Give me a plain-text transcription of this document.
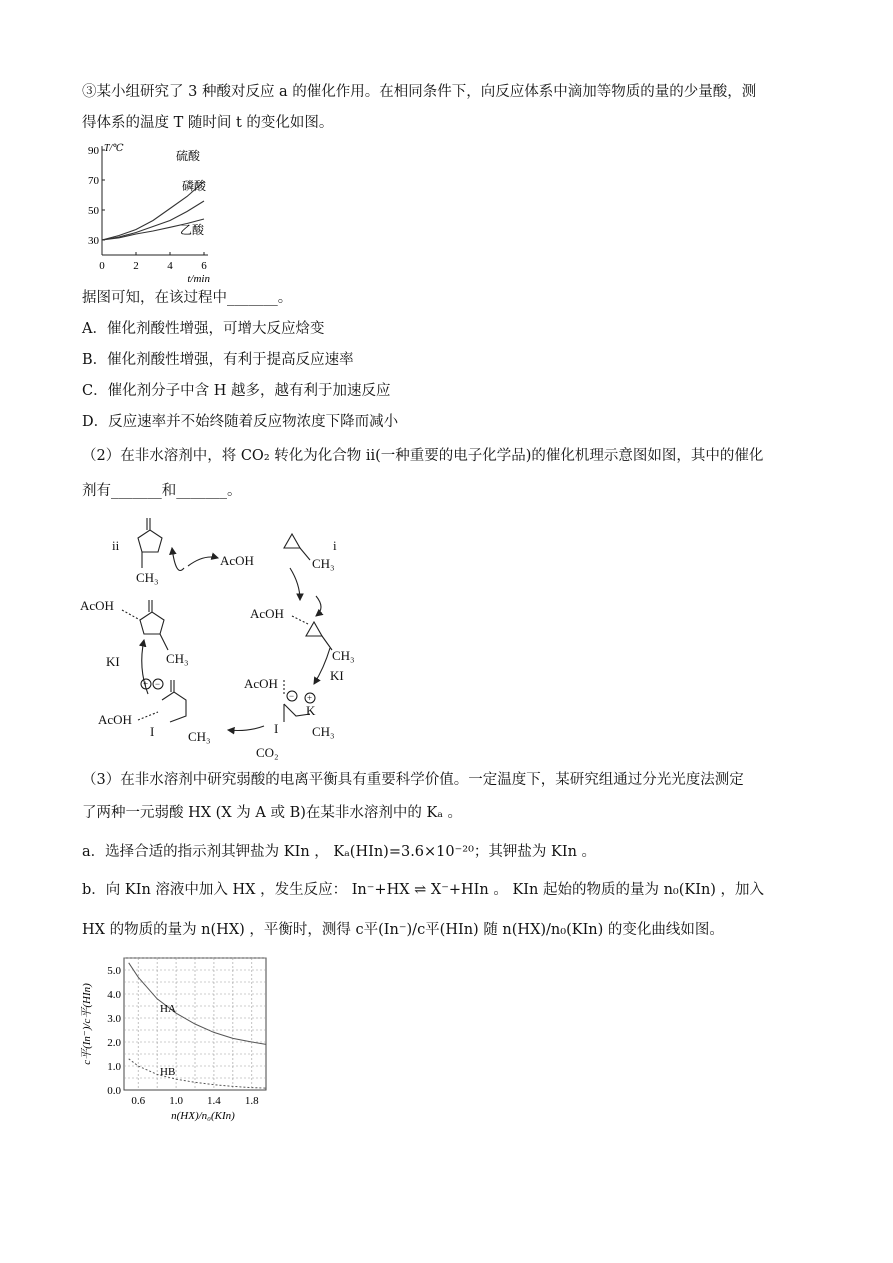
③某小组研究了 3 种酸对反应 a 的催化作用。在相同条件下，向反应体系中滴加等物质的量的少量酸，测
得体系的温度 T 随时间 t 的变化如图。
30
50
70
90
0	2	4	6
T/℃
t/min
硫酸
磷酸
乙酸
据图可知，在该过程中_______。
A．催化剂酸性增强，可增大反应焓变
B．催化剂酸性增强，有利于提高反应速率
C．催化剂分子中含 H 越多，越有利于加速反应
D．反应速率并不始终随着反应物浓度下降而减小
（2）在非水溶剂中，将 CO₂ 转化为化合物 ii(一种重要的电子化学品)的催化机理示意图如图，其中的催化
剂有_______和_______。
ii
CH₃
AcOH
i
CH₃
AcOH
CH₃
KI
AcOH
K
CH₃
I
CO₂
AcOH
I	CH₃
AcOH
KI	CH₃
+ −
− +
（3）在非水溶剂中研究弱酸的电离平衡具有重要科学价值。一定温度下，某研究组通过分光光度法测定
了两种一元弱酸 HX (X 为 A 或 B)在某非水溶剂中的 Kₐ 。
a．选择合适的指示剂其钾盐为 KIn ， Kₐ(HIn)=3.6×10⁻²⁰；其钾盐为 KIn 。
b．向 KIn 溶液中加入 HX ，发生反应： In⁻+HX ⇌ X⁻+HIn 。 KIn 起始的物质的量为 n₀(KIn) ，加入
HX 的物质的量为 n(HX) ，平衡时，测得 c平(In⁻)/c平(HIn) 随 n(HX)/n₀(KIn) 的变化曲线如图。
0.0
1.0
2.0
3.0
4.0
5.0
0.6 1.0 1.4 1.8
n(HX)/n₀(KIn)
c平(In⁻)/c平(HIn)	HA
HB
